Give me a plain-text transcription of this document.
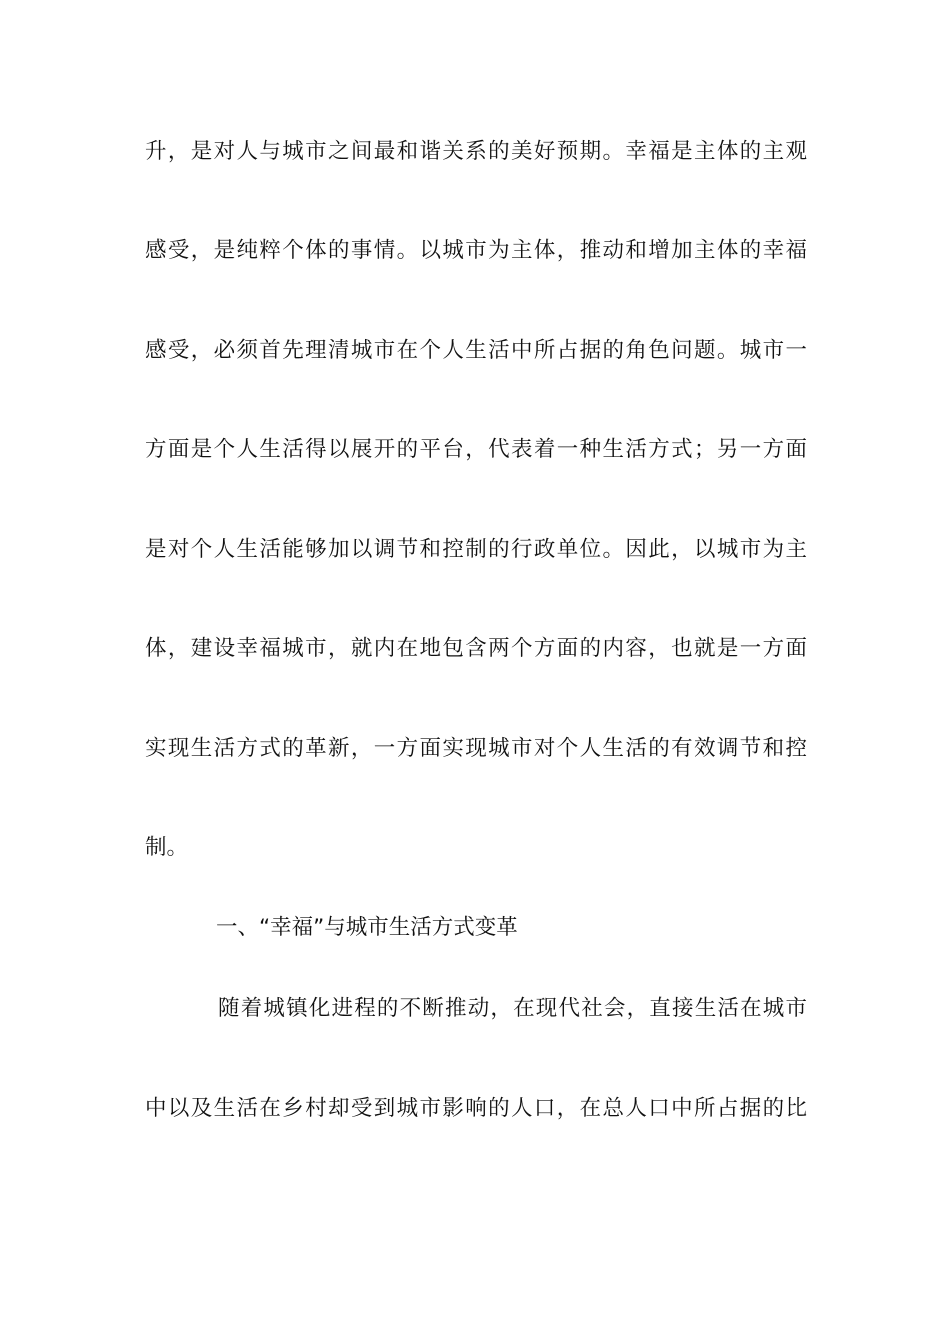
升，是对人与城市之间最和谐关系的美好预期。幸福是主体的主观
感受，是纯粹个体的事情。以城市为主体，推动和增加主体的幸福
感受，必须首先理清城市在个人生活中所占据的角色问题。城市一
方面是个人生活得以展开的平台，代表着一种生活方式；另一方面
是对个人生活能够加以调节和控制的行政单位。因此，以城市为主
体，建设幸福城市，就内在地包含两个方面的内容，也就是一方面
实现生活方式的革新，一方面实现城市对个人生活的有效调节和控
制。
一、“幸福”与城市生活方式变革
随着城镇化进程的不断推动，在现代社会，直接生活在城市
中以及生活在乡村却受到城市影响的人口，在总人口中所占据的比
